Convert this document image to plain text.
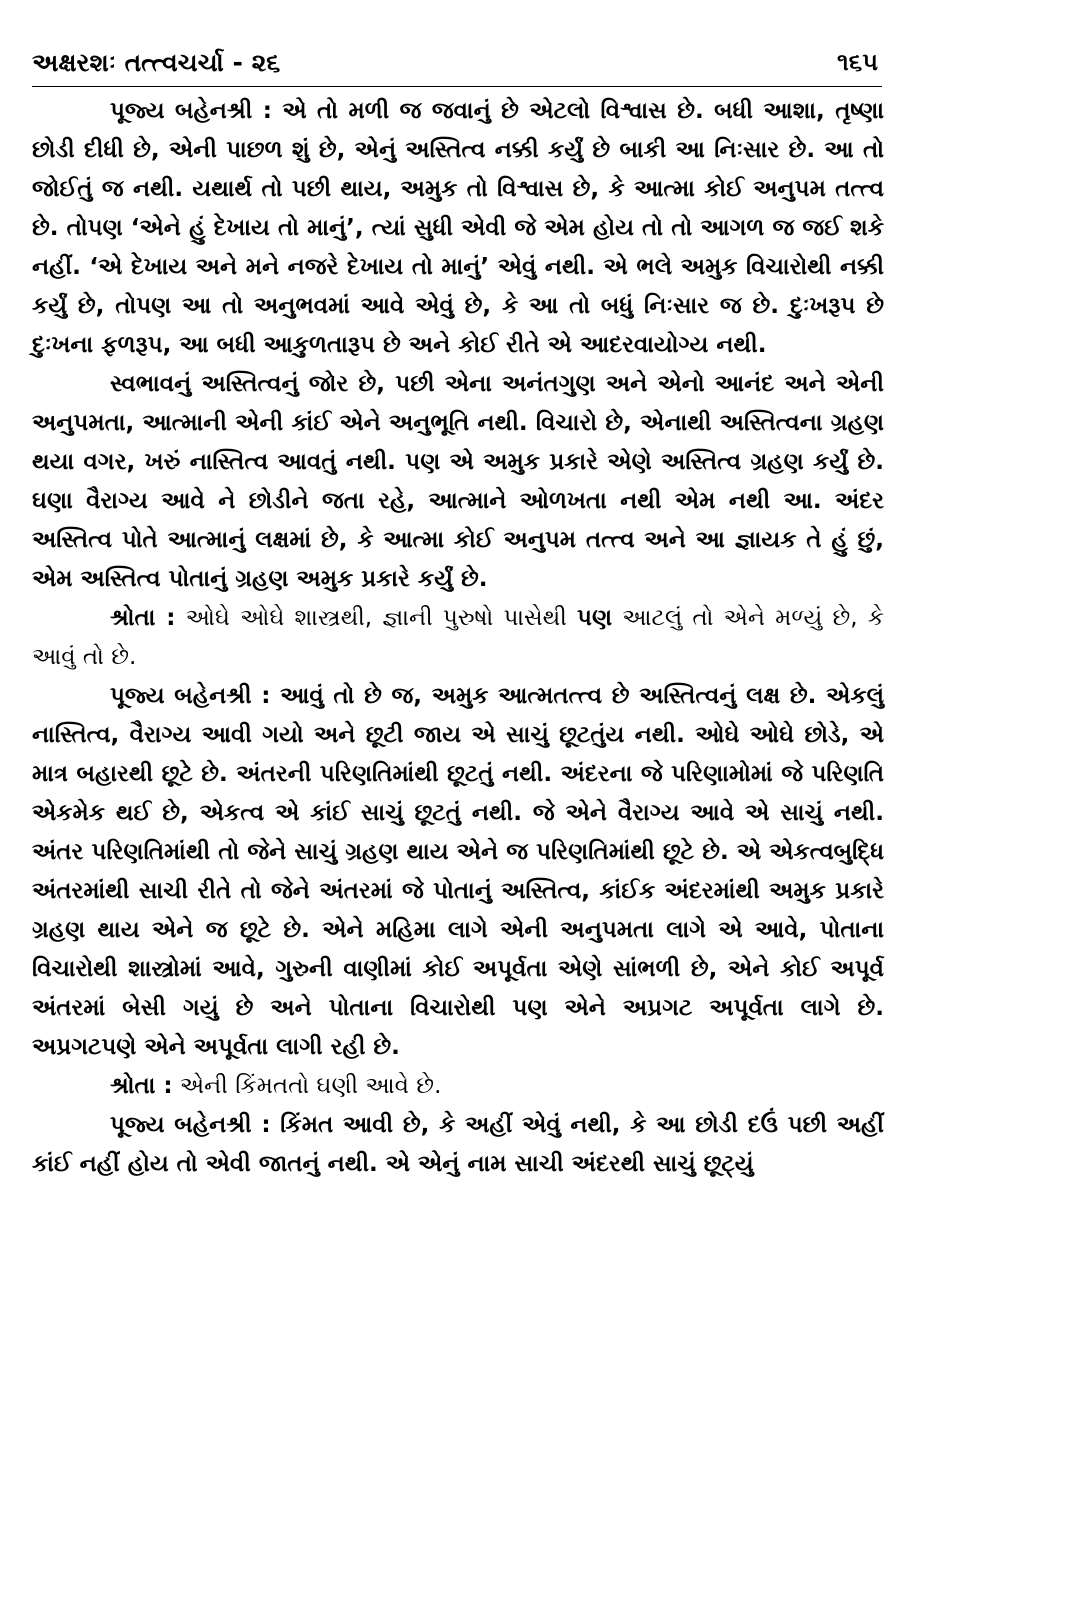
અક્ષરશઃ તત્ત્વચર્ચા - ૨૬	૧૬૫

પૂજ્ય બહેનશ્રી : એ તો મળી જ જવાનું છે એટલો વિશ્વાસ છે. બધી આશા, તૃષ્ણા છોડી દીધી છે, એની પાછળ શું છે, એનું અસ્તિત્વ નક્કી કર્યું છે બાકી આ નિઃસાર છે. આ તો જોઈતું જ નથી. યથાર્થ તો પછી થાય, અમુક તો વિશ્વાસ છે, કે આત્મા કોઈ અનુપમ તત્ત્વ છે. તોપણ ‘એને હું દેખાય તો માનું’, ત્યાં સુધી એવી જે એમ હોય તો તો આગળ જ જઈ શકે નહીં. ‘એ દેખાય અને મને નજરે દેખાય તો માનું’ એવું નથી. એ ભલે અમુક વિચારોથી નક્કી કર્યું છે, તોપણ આ તો અનુભવમાં આવે એવું છે, કે આ તો બધું નિઃસાર જ છે. દુઃખરૂપ છે દુઃખના ફળરૂપ, આ બધી આકુળતારૂપ છે અને કોઈ રીતે એ આદરવાયોગ્ય નથી.

સ્વભાવનું અસ્તિત્વનું જોર છે, પછી એના અનંતગુણ અને એનો આનંદ અને એની અનુપમતા, આત્માની એની કાંઈ એને અનુભૂતિ નથી. વિચારો છે, એનાથી અસ્તિત્વના ગ્રહણ થયા વગર, ખરું નાસ્તિત્વ આવતું નથી. પણ એ અમુક પ્રકારે એણે અસ્તિત્વ ગ્રહણ કર્યું છે. ઘણા વૈરાગ્ય આવે ને છોડીને જતા રહે, આત્માને ઓળખતા નથી એમ નથી આ. અંદર અસ્તિત્વ પોતે આત્માનું લક્ષમાં છે, કે આત્મા કોઈ અનુપમ તત્ત્વ અને આ જ્ઞાયક તે હું છું, એમ અસ્તિત્વ પોતાનું ગ્રહણ અમુક પ્રકારે કર્યું છે.

શ્રોતા : ઓઘે ઓઘે શાસ્ત્રથી, જ્ઞાની પુરુષો પાસેથી પણ આટલું તો એને મળ્યું છે, કે આવું તો છે.

પૂજ્ય બહેનશ્રી : આવું તો છે જ, અમુક આત્મતત્ત્વ છે અસ્તિત્વનું લક્ષ છે. એકલું નાસ્તિત્વ, વૈરાગ્ય આવી ગયો અને છૂટી જાય એ સાચું છૂટતુંય નથી. ઓઘે ઓઘે છોડે, એ માત્ર બહારથી છૂટે છે. અંતરની પરિણતિમાંથી છૂટતું નથી. અંદરના જે પરિણામોમાં જે પરિણતિ એકમેક થઈ છે, એકત્વ એ કાંઈ સાચું છૂટતું નથી. જે એને વૈરાગ્ય આવે એ સાચું નથી. અંતર પરિણતિમાંથી તો જેને સાચું ગ્રહણ થાય એને જ પરિણતિમાંથી છૂટે છે. એ એકત્વબુદ્ધિ અંતરમાંથી સાચી રીતે તો જેને અંતરમાં જે પોતાનું અસ્તિત્વ, કાંઈક અંદરમાંથી અમુક પ્રકારે ગ્રહણ થાય એને જ છૂટે છે. એને મહિમા લાગે એની અનુપમતા લાગે એ આવે, પોતાના વિચારોથી શાસ્ત્રોમાં આવે, ગુરુની વાણીમાં કોઈ અપૂર્વતા એણે સાંભળી છે, એને કોઈ અપૂર્વ અંતરમાં બેસી ગયું છે અને પોતાના વિચારોથી પણ એને અપ્રગટ અપૂર્વતા લાગે છે. અપ્રગટપણે એને અપૂર્વતા લાગી રહી છે.

શ્રોતા : એની કિંમતતો ઘણી આવે છે.

પૂજ્ય બહેનશ્રી : કિંમત આવી છે, કે અહીં એવું નથી, કે આ છોડી દઉં પછી અહીં કાંઈ નહીં હોય તો એવી જાતનું નથી. એ એનું નામ સાચી અંદરથી સાચું છૂટ્યું
